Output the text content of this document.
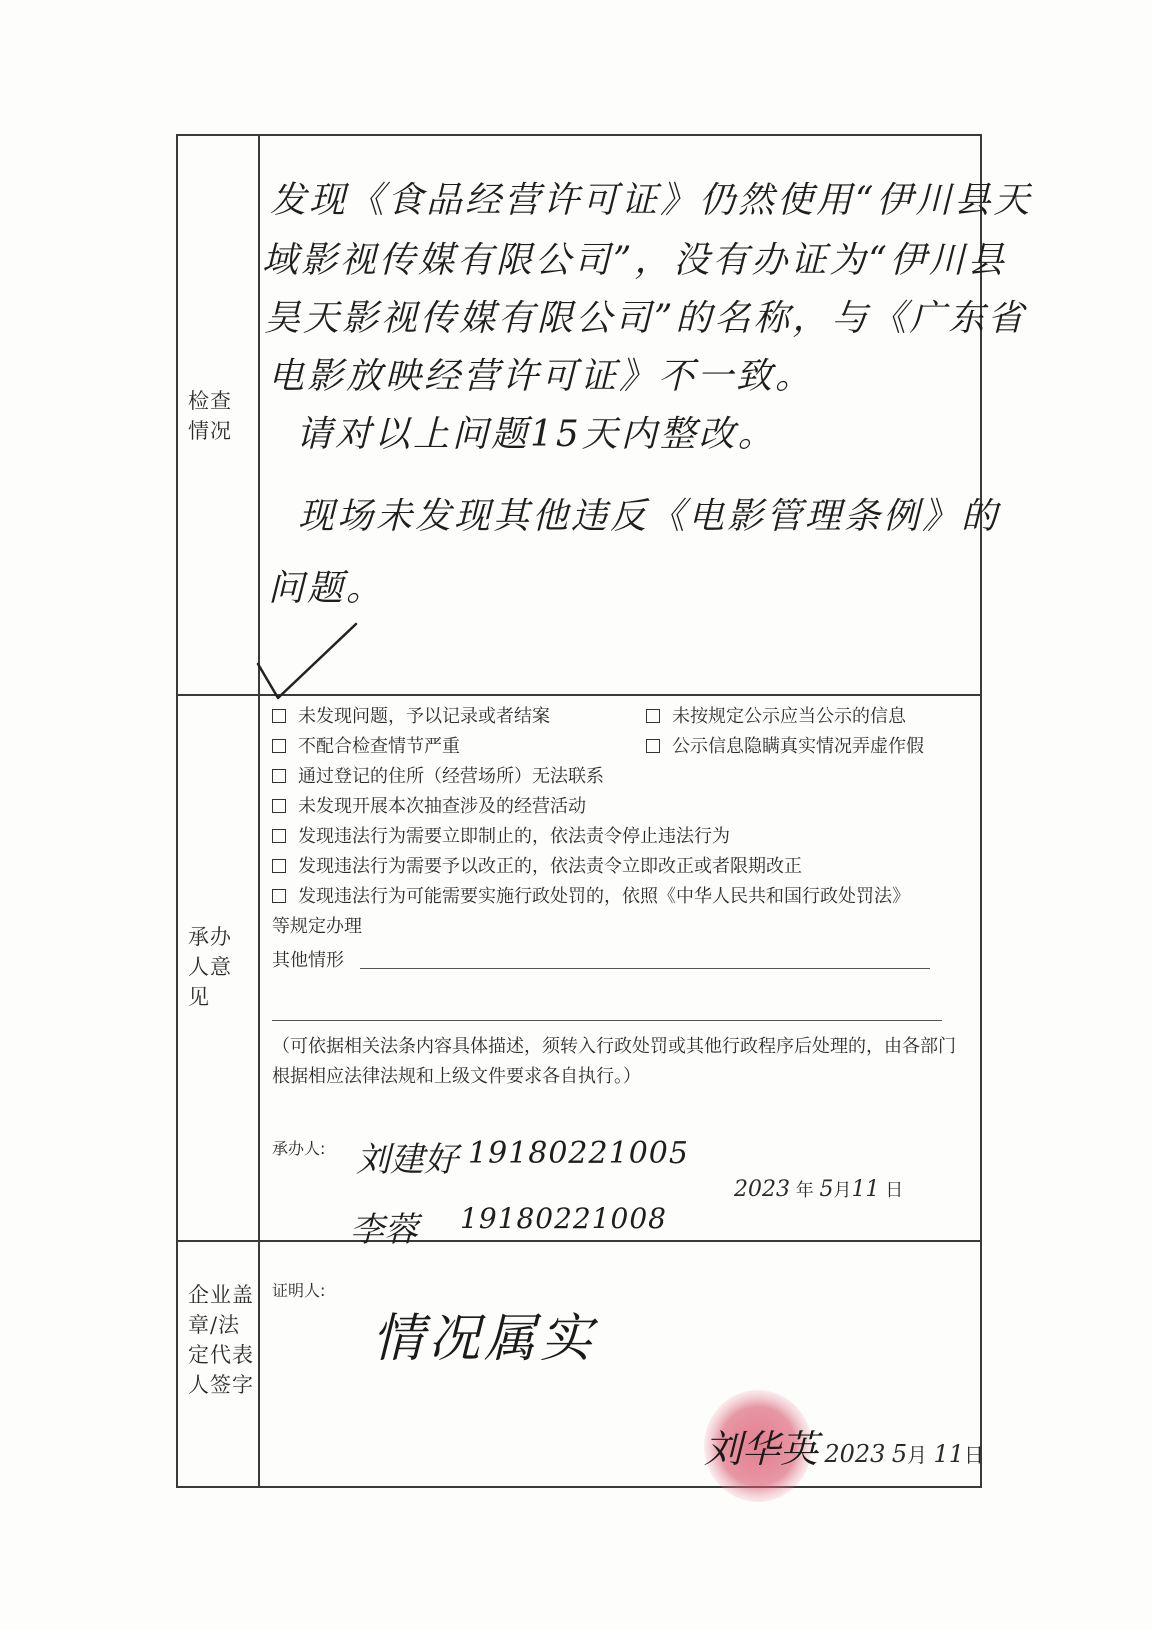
检查情况
发现《食品经营许可证》仍然使用“伊川县天
域影视传媒有限公司”，没有办证为“伊川县
昊天影视传媒有限公司”的名称，与《广东省
电影放映经营许可证》不一致。
请对以上问题15天内整改。
现场未发现其他违反《电影管理条例》的
问题。
承办人意见
未发现问题，予以记录或者结案	未按规定公示应当公示的信息
不配合检查情节严重	公示信息隐瞒真实情况弄虚作假
通过登记的住所（经营场所）无法联系
未发现开展本次抽查涉及的经营活动
发现违法行为需要立即制止的，依法责令停止违法行为
发现违法行为需要予以改正的，依法责令立即改正或者限期改正
发现违法行为可能需要实施行政处罚的，依照《中华人民共和国行政处罚法》
等规定办理
其他情形
（可依据相关法条内容具体描述，须转入行政处罚或其他行政程序后处理的，由各部门根据相应法律法规和上级文件要求各自执行。）
承办人: 刘建好 19180221005
李蓉 19180221008
2023 年 5月11 日
企业盖章/法定代表人签字
证明人:
情况属实
刘华英 2023 5月 11日
